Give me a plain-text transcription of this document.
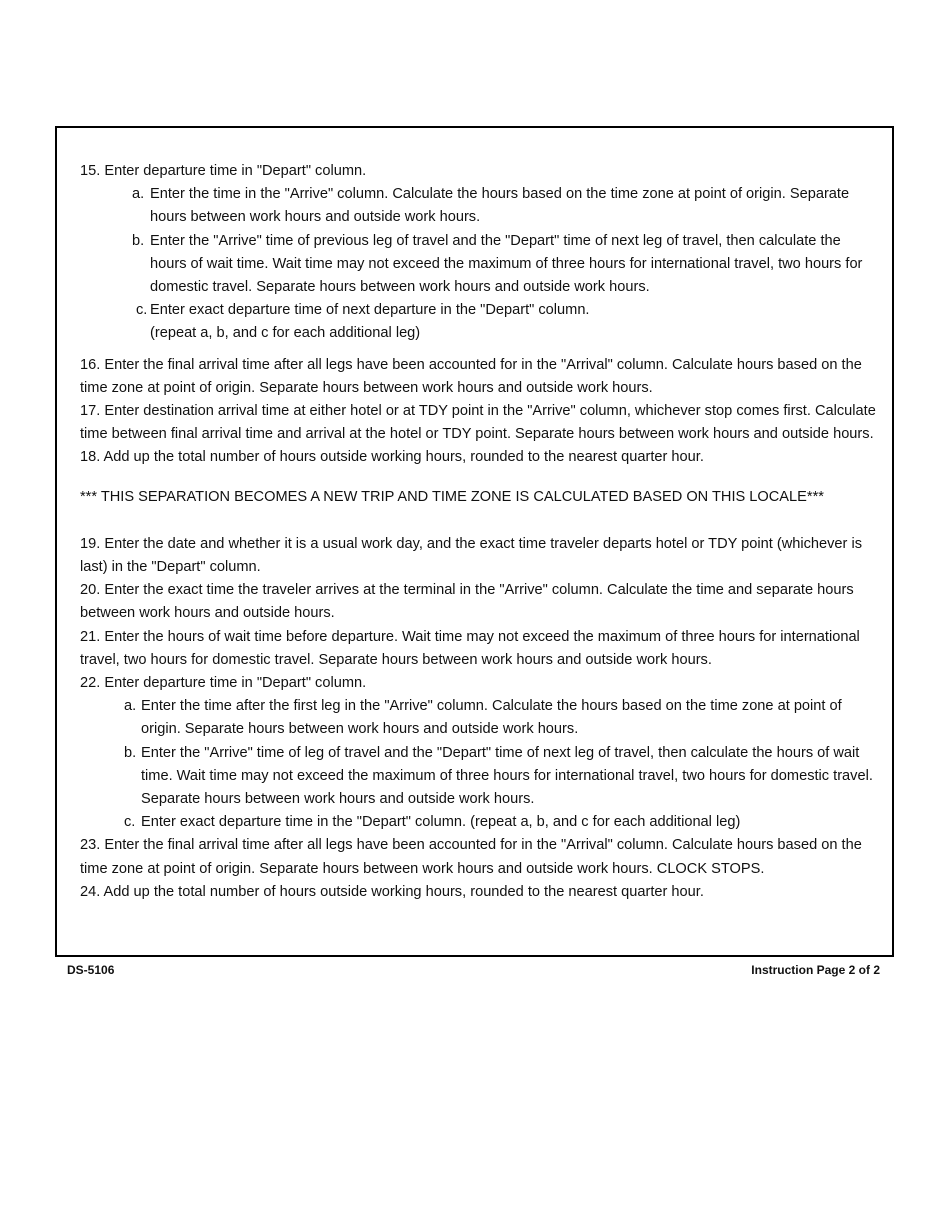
15. Enter departure time in "Depart" column.

a. Enter the time in the "Arrive" column. Calculate the hours based on the time zone at point of origin. Separate hours between work hours and outside work hours.
b. Enter the "Arrive" time of previous leg of travel and the "Depart" time of next leg of travel, then calculate the hours of wait time. Wait time may not exceed the maximum of three hours for international travel, two hours for domestic travel. Separate hours between work hours and outside work hours.
c. Enter exact departure time of next departure in the "Depart" column.
(repeat a, b, and c for each additional leg)

16. Enter the final arrival time after all legs have been accounted for in the "Arrival" column. Calculate hours based on the time zone at point of origin. Separate hours between work hours and outside work hours.

17. Enter destination arrival time at either hotel or at TDY point in the "Arrive" column, whichever stop comes first. Calculate time between final arrival time and arrival at the hotel or TDY point. Separate hours between work hours and outside hours.

18. Add up the total number of hours outside working hours, rounded to the nearest quarter hour.

*** THIS SEPARATION BECOMES A NEW TRIP AND TIME ZONE IS CALCULATED BASED ON THIS LOCALE***

19. Enter the date and whether it is a usual work day, and the exact time traveler departs hotel or TDY point (whichever is last) in the "Depart" column.

20. Enter the exact time the traveler arrives at the terminal in the "Arrive" column. Calculate the time and separate hours between work hours and outside hours.

21. Enter the hours of wait time before departure. Wait time may not exceed the maximum of three hours for international travel, two hours for domestic travel. Separate hours between work hours and outside work hours.

22. Enter departure time in "Depart" column.

a. Enter the time after the first leg in the "Arrive" column. Calculate the hours based on the time zone at point of origin. Separate hours between work hours and outside work hours.
b. Enter the "Arrive" time of leg of travel and the "Depart" time of next leg of travel, then calculate the hours of wait time. Wait time may not exceed the maximum of three hours for international travel, two hours for domestic travel. Separate hours between work hours and outside work hours.
c. Enter exact departure time in the "Depart" column. (repeat a, b, and c for each additional leg)

23. Enter the final arrival time after all legs have been accounted for in the "Arrival" column. Calculate hours based on the time zone at point of origin. Separate hours between work hours and outside work hours. CLOCK STOPS.

24. Add up the total number of hours outside working hours, rounded to the nearest quarter hour.

DS-5106	Instruction Page 2 of 2
